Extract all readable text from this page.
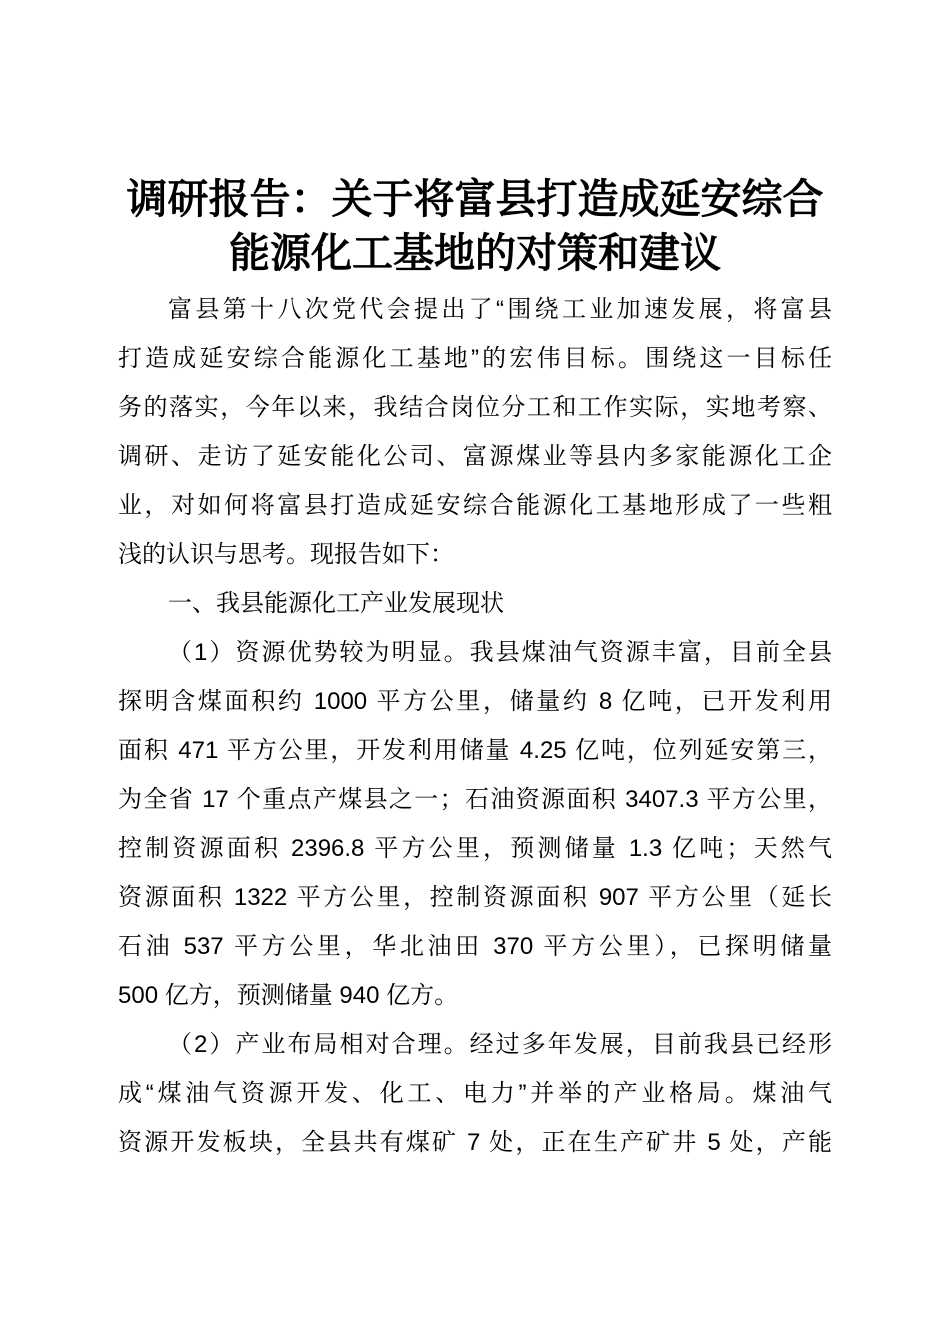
调研报告：关于将富县打造成延安综合
能源化工基地的对策和建议
富县第十八次党代会提出了“围绕工业加速发展，将富县
打造成延安综合能源化工基地”的宏伟目标。围绕这一目标任
务的落实，今年以来，我结合岗位分工和工作实际，实地考察、
调研、走访了延安能化公司、富源煤业等县内多家能源化工企
业，对如何将富县打造成延安综合能源化工基地形成了一些粗
浅的认识与思考。现报告如下：
一、我县能源化工产业发展现状
（1）资源优势较为明显。我县煤油气资源丰富，目前全县
探明含煤面积约 1000 平方公里，储量约 8 亿吨，已开发利用
面积 471 平方公里，开发利用储量 4.25 亿吨，位列延安第三，
为全省 17 个重点产煤县之一；石油资源面积 3407.3 平方公里，
控制资源面积 2396.8 平方公里，预测储量 1.3 亿吨；天然气
资源面积 1322 平方公里，控制资源面积 907 平方公里（延长
石油 537 平方公里，华北油田 370 平方公里），已探明储量
500 亿方，预测储量 940 亿方。
（2）产业布局相对合理。经过多年发展，目前我县已经形
成“煤油气资源开发、化工、电力”并举的产业格局。煤油气
资源开发板块，全县共有煤矿 7 处，正在生产矿井 5 处，产能
